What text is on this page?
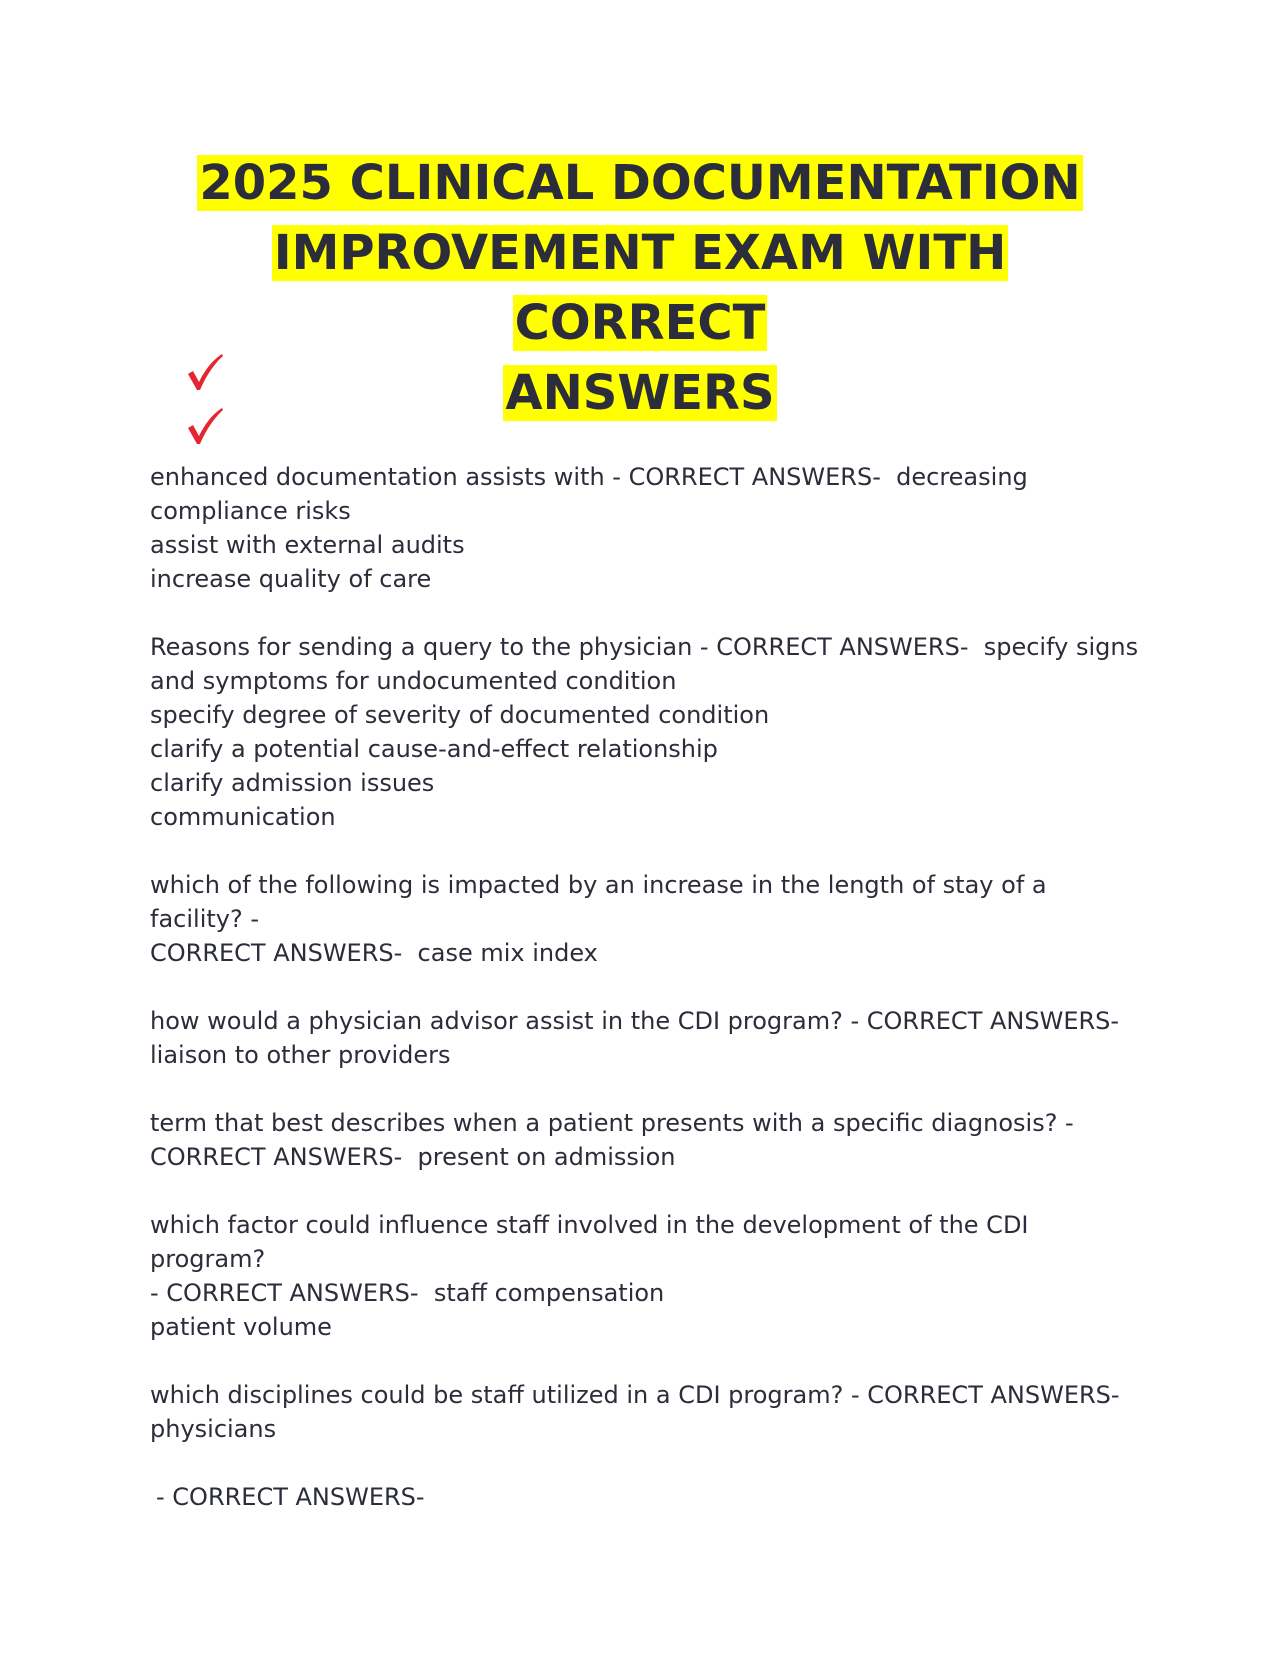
2025 CLINICAL DOCUMENTATION
IMPROVEMENT EXAM WITH CORRECT
ANSWERS
enhanced documentation assists with - CORRECT ANSWERS-  decreasing
compliance risks
assist with external audits
increase quality of care
Reasons for sending a query to the physician - CORRECT ANSWERS-  specify signs
and symptoms for undocumented condition
specify degree of severity of documented condition
clarify a potential cause-and-effect relationship
clarify admission issues
communication
which of the following is impacted by an increase in the length of stay of a facility? -
CORRECT ANSWERS-  case mix index
how would a physician advisor assist in the CDI program? - CORRECT ANSWERS-
liaison to other providers
term that best describes when a patient presents with a specific diagnosis? -
CORRECT ANSWERS-  present on admission
which factor could influence staff involved in the development of the CDI program?
- CORRECT ANSWERS-  staff compensation
patient volume
which disciplines could be staff utilized in a CDI program? - CORRECT ANSWERS-
physicians
- CORRECT ANSWERS-
